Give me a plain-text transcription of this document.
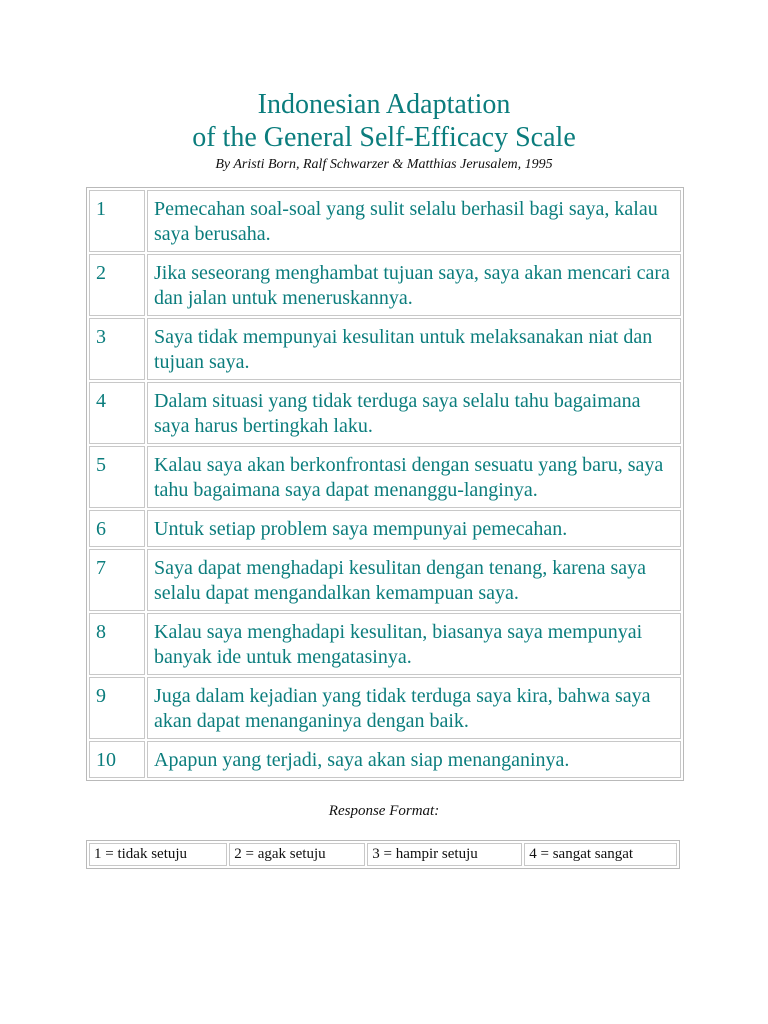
Indonesian Adaptation
of the General Self-Efficacy Scale
By Aristi Born, Ralf Schwarzer & Matthias Jerusalem, 1995
1	Pemecahan soal-soal yang sulit selalu berhasil bagi saya, kalau saya berusaha.
2	Jika seseorang menghambat tujuan saya, saya akan mencari cara dan jalan untuk meneruskannya.
3	Saya tidak mempunyai kesulitan untuk melaksanakan niat dan tujuan saya.
4	Dalam situasi yang tidak terduga saya selalu tahu bagaimana saya harus bertingkah laku.
5	Kalau saya akan berkonfrontasi dengan sesuatu yang baru, saya tahu bagaimana saya dapat menanggu-langinya.
6	Untuk setiap problem saya mempunyai pemecahan.
7	Saya dapat menghadapi kesulitan dengan tenang, karena saya selalu dapat mengandalkan kemampuan saya.
8	Kalau saya menghadapi kesulitan, biasanya saya mempunyai banyak ide untuk mengatasinya.
9	Juga dalam kejadian yang tidak terduga saya kira, bahwa saya akan dapat menanganinya dengan baik.
10	Apapun yang terjadi, saya akan siap menanganinya.
Response Format:
1 = tidak setuju	2 = agak setuju	3 = hampir setuju	4 = sangat sangat
